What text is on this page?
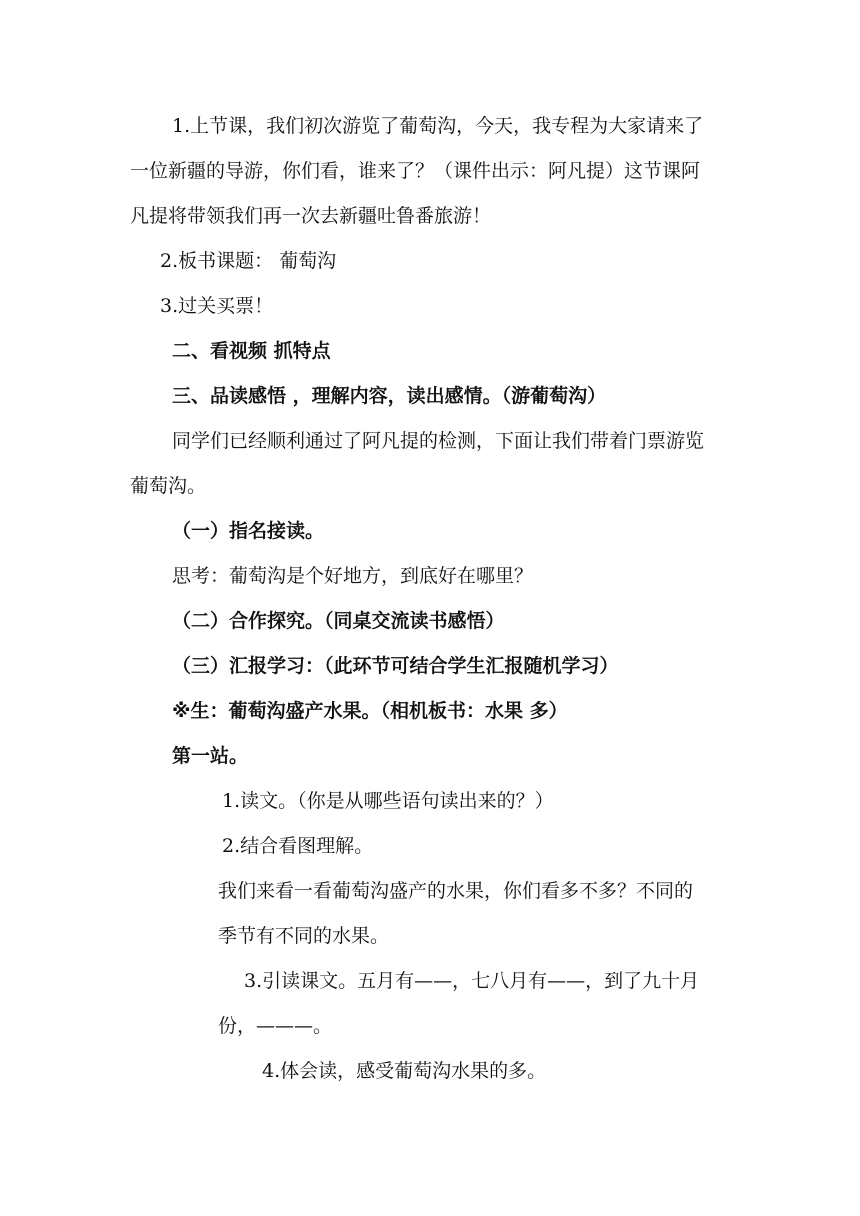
1.上节课，我们初次游览了葡萄沟，今天，我专程为大家请来了
一位新疆的导游，你们看，谁来了？（课件出示：阿凡提）这节课阿
凡提将带领我们再一次去新疆吐鲁番旅游！
2.板书课题： 葡萄沟
3.过关买票！
二、看视频 抓特点
三、品读感悟 ，理解内容，读出感情。（游葡萄沟）
同学们已经顺利通过了阿凡提的检测，下面让我们带着门票游览
葡萄沟。
（一）指名接读。
思考：葡萄沟是个好地方，到底好在哪里？
（二）合作探究。（同桌交流读书感悟）
（三）汇报学习：（此环节可结合学生汇报随机学习）
※生：葡萄沟盛产水果。（相机板书：水果 多）
第一站。
1.读文。（你是从哪些语句读出来的？）
2.结合看图理解。
我们来看一看葡萄沟盛产的水果，你们看多不多？不同的
季节有不同的水果。
3.引读课文。五月有——，七八月有——，到了九十月
份，———。
4.体会读，感受葡萄沟水果的多。
